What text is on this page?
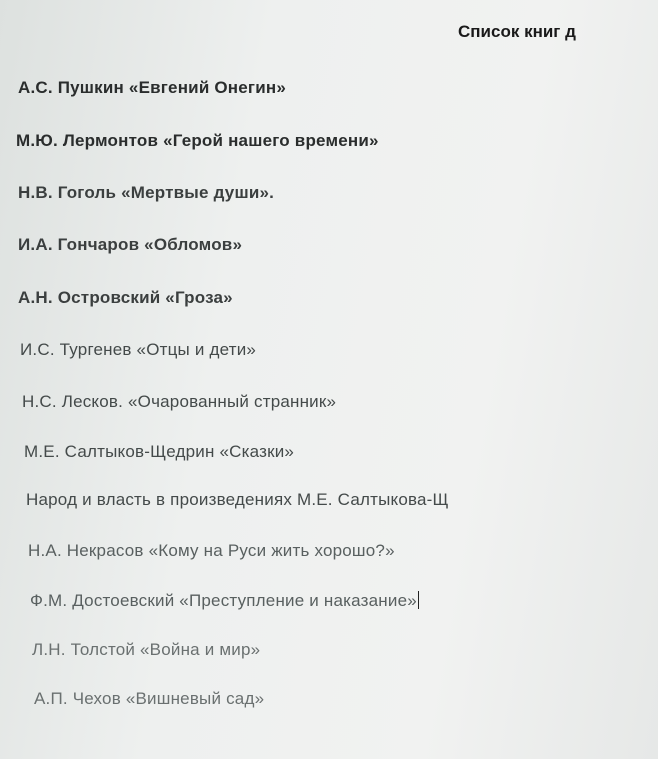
Список книг д
А.С. Пушкин «Евгений Онегин»
М.Ю. Лермонтов «Герой нашего времени»
Н.В. Гоголь «Мертвые души».
И.А. Гончаров «Обломов»
А.Н. Островский «Гроза»
И.С. Тургенев «Отцы и дети»
Н.С. Лесков. «Очарованный странник»
М.Е. Салтыков-Щедрин «Сказки»
Народ и власть в произведениях М.Е. Салтыкова-Щ
Н.А. Некрасов «Кому на Руси жить хорошо?»
Ф.М. Достоевский «Преступление и наказание»
Л.Н. Толстой «Война и мир»
А.П. Чехов «Вишневый сад»
